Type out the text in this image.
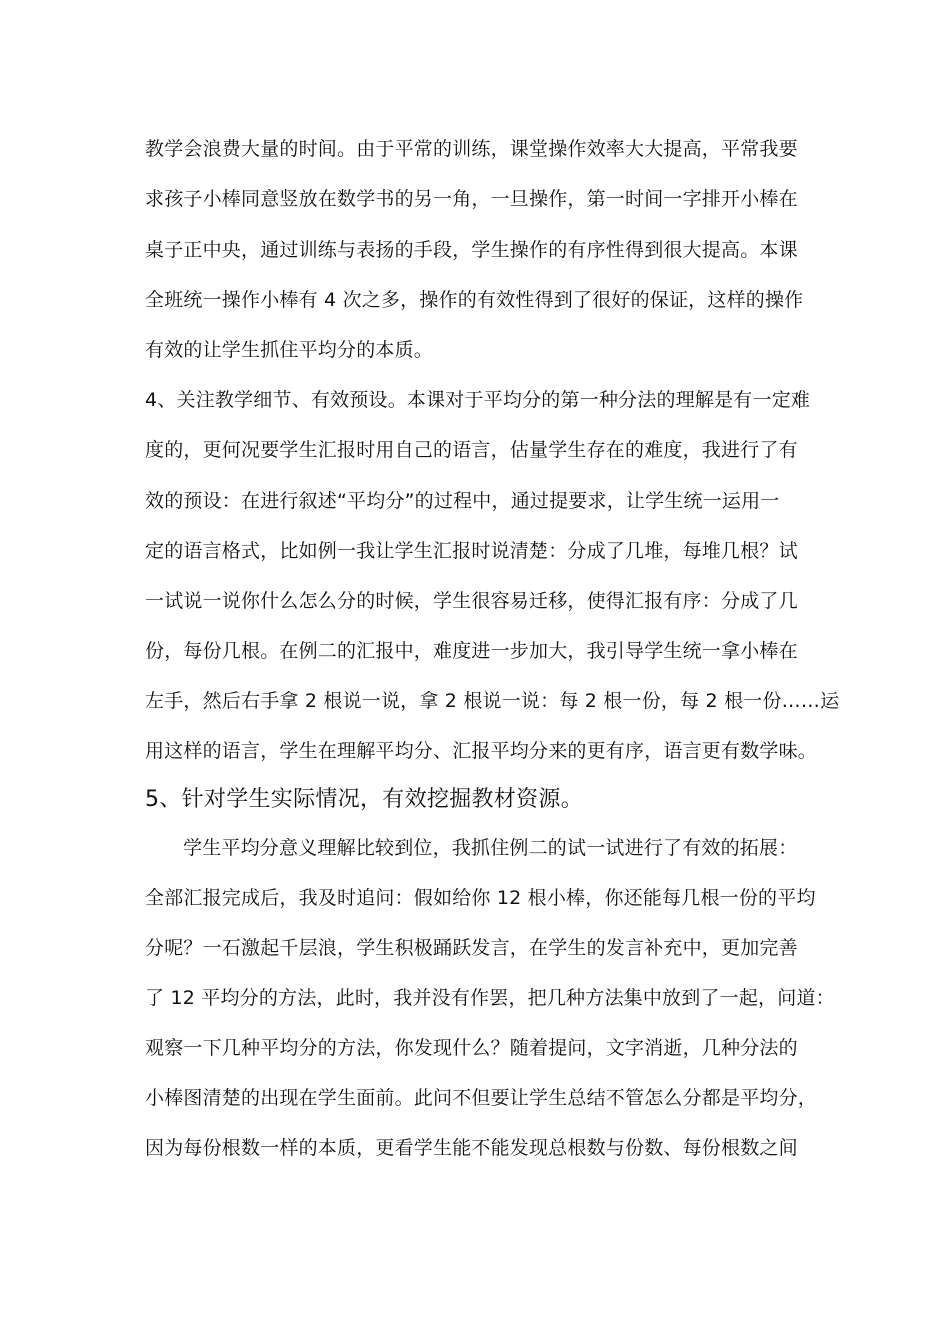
教学会浪费大量的时间。由于平常的训练，课堂操作效率大大提高，平常我要
求孩子小棒同意竖放在数学书的另一角，一旦操作，第一时间一字排开小棒在
桌子正中央，通过训练与表扬的手段，学生操作的有序性得到很大提高。本课
全班统一操作小棒有 4 次之多，操作的有效性得到了很好的保证，这样的操作
有效的让学生抓住平均分的本质。
4、关注教学细节、有效预设。本课对于平均分的第一种分法的理解是有一定难
度的，更何况要学生汇报时用自己的语言，估量学生存在的难度，我进行了有
效的预设：在进行叙述“平均分”的过程中，通过提要求，让学生统一运用一
定的语言格式，比如例一我让学生汇报时说清楚：分成了几堆，每堆几根？试
一试说一说你什么怎么分的时候，学生很容易迁移，使得汇报有序：分成了几
份，每份几根。在例二的汇报中，难度进一步加大，我引导学生统一拿小棒在
左手，然后右手拿 2 根说一说，拿 2 根说一说：每 2 根一份，每 2 根一份……运
用这样的语言，学生在理解平均分、汇报平均分来的更有序，语言更有数学味。
5、针对学生实际情况，有效挖掘教材资源。
学生平均分意义理解比较到位，我抓住例二的试一试进行了有效的拓展：
全部汇报完成后，我及时追问：假如给你 12 根小棒，你还能每几根一份的平均
分呢？一石激起千层浪，学生积极踊跃发言，在学生的发言补充中，更加完善
了 12 平均分的方法，此时，我并没有作罢，把几种方法集中放到了一起，问道：
观察一下几种平均分的方法，你发现什么？随着提问，文字消逝，几种分法的
小棒图清楚的出现在学生面前。此问不但要让学生总结不管怎么分都是平均分，
因为每份根数一样的本质，更看学生能不能发现总根数与份数、每份根数之间
